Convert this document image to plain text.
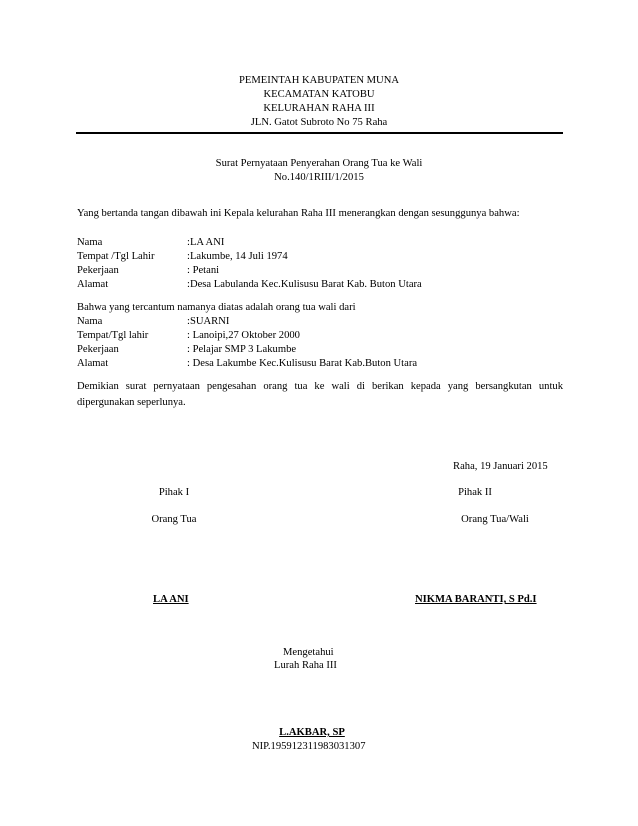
PEMEINTAH KABUPATEN MUNA
KECAMATAN KATOBU
KELURAHAN RAHA III
JLN. Gatot Subroto No 75 Raha
Surat Pernyataan Penyerahan Orang Tua ke Wali
No.140/1RIII/1/2015
Yang bertanda tangan dibawah ini Kepala kelurahan Raha III menerangkan dengan sesunggunya bahwa:
Nama	:LA ANI
Tempat /Tgl Lahir	:Lakumbe, 14 Juli 1974
Pekerjaan	: Petani
Alamat	:Desa Labulanda Kec.Kulisusu Barat Kab. Buton Utara
Bahwa yang tercantum namanya diatas adalah orang tua wali dari
Nama	:SUARNI
Tempat/Tgl lahir	: Lanoipi,27 Oktober 2000
Pekerjaan	: Pelajar SMP 3 Lakumbe
Alamat	: Desa Lakumbe Kec.Kulisusu Barat Kab.Buton Utara
Demikian surat pernyataan pengesahan orang tua ke wali di berikan kepada yang bersangkutan untuk dipergunakan seperlunya.
Raha, 19 Januari 2015
Pihak I	Pihak II
Orang Tua	Orang Tua/Wali
LA ANI	NIKMA BARANTI, S Pd.I
Mengetahui
Lurah Raha III
L.AKBAR, SP
NIP.195912311983031307
